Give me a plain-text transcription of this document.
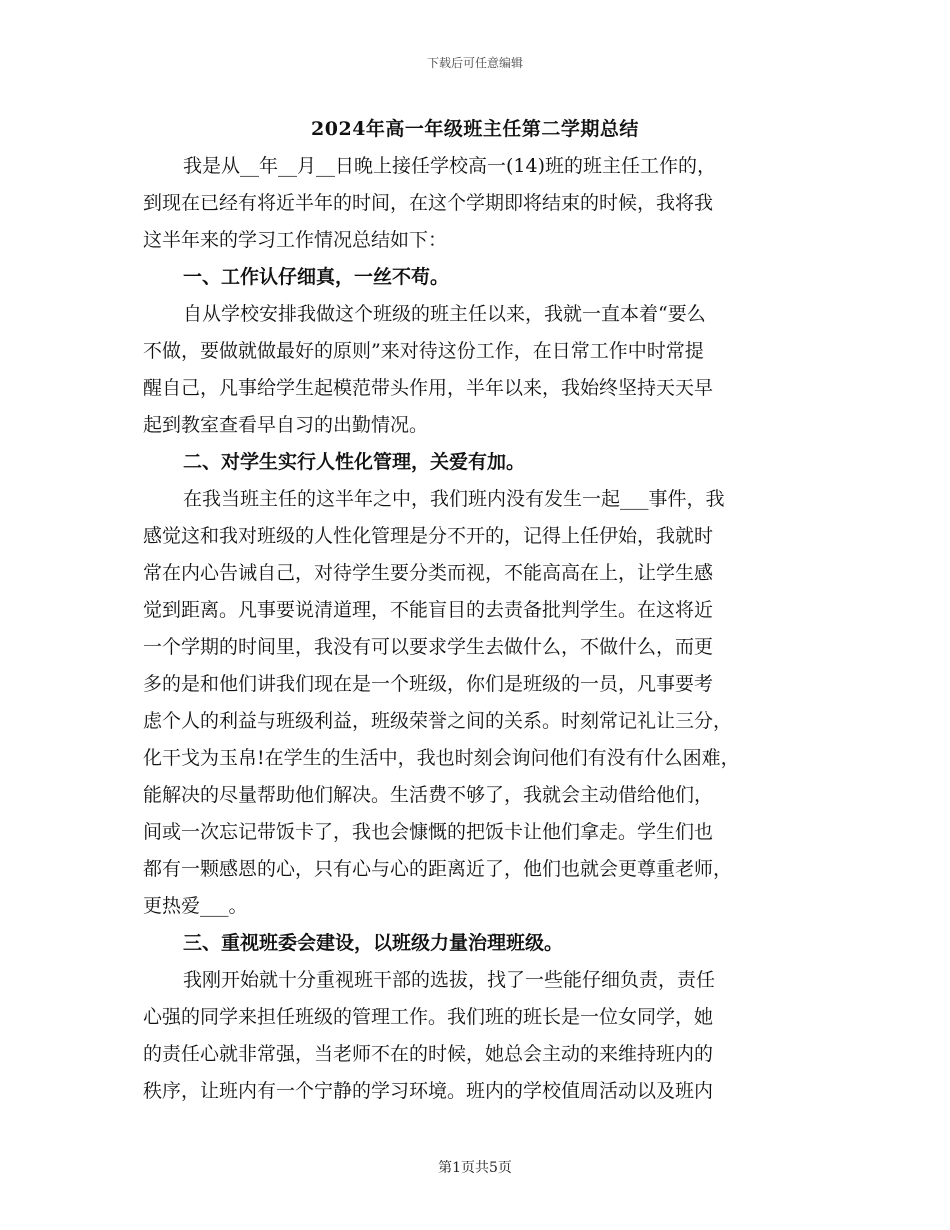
下载后可任意编辑
2024年高一年级班主任第二学期总结

我是从__年__月__日晚上接任学校高一(14)班的班主任工作的，
到现在已经有将近半年的时间，在这个学期即将结束的时候，我将我
这半年来的学习工作情况总结如下：

一、工作认仔细真，一丝不苟。

自从学校安排我做这个班级的班主任以来，我就一直本着“要么
不做，要做就做最好的原则”来对待这份工作，在日常工作中时常提
醒自己，凡事给学生起模范带头作用，半年以来，我始终坚持天天早
起到教室查看早自习的出勤情况。

二、对学生实行人性化管理，关爱有加。

在我当班主任的这半年之中，我们班内没有发生一起___事件，我
感觉这和我对班级的人性化管理是分不开的，记得上任伊始，我就时
常在内心告诫自己，对待学生要分类而视，不能高高在上，让学生感
觉到距离。凡事要说清道理，不能盲目的去责备批判学生。在这将近
一个学期的时间里，我没有可以要求学生去做什么，不做什么，而更
多的是和他们讲我们现在是一个班级，你们是班级的一员，凡事要考
虑个人的利益与班级利益，班级荣誉之间的关系。时刻常记礼让三分，
化干戈为玉帛!在学生的生活中，我也时刻会询问他们有没有什么困难，
能解决的尽量帮助他们解决。生活费不够了，我就会主动借给他们，
间或一次忘记带饭卡了，我也会慷慨的把饭卡让他们拿走。学生们也
都有一颗感恩的心，只有心与心的距离近了，他们也就会更尊重老师，
更热爱___。

三、重视班委会建设，以班级力量治理班级。

我刚开始就十分重视班干部的选拔，找了一些能仔细负责，责任
心强的同学来担任班级的管理工作。我们班的班长是一位女同学，她
的责任心就非常强，当老师不在的时候，她总会主动的来维持班内的
秩序，让班内有一个宁静的学习环境。班内的学校值周活动以及班内

第1页共5页
